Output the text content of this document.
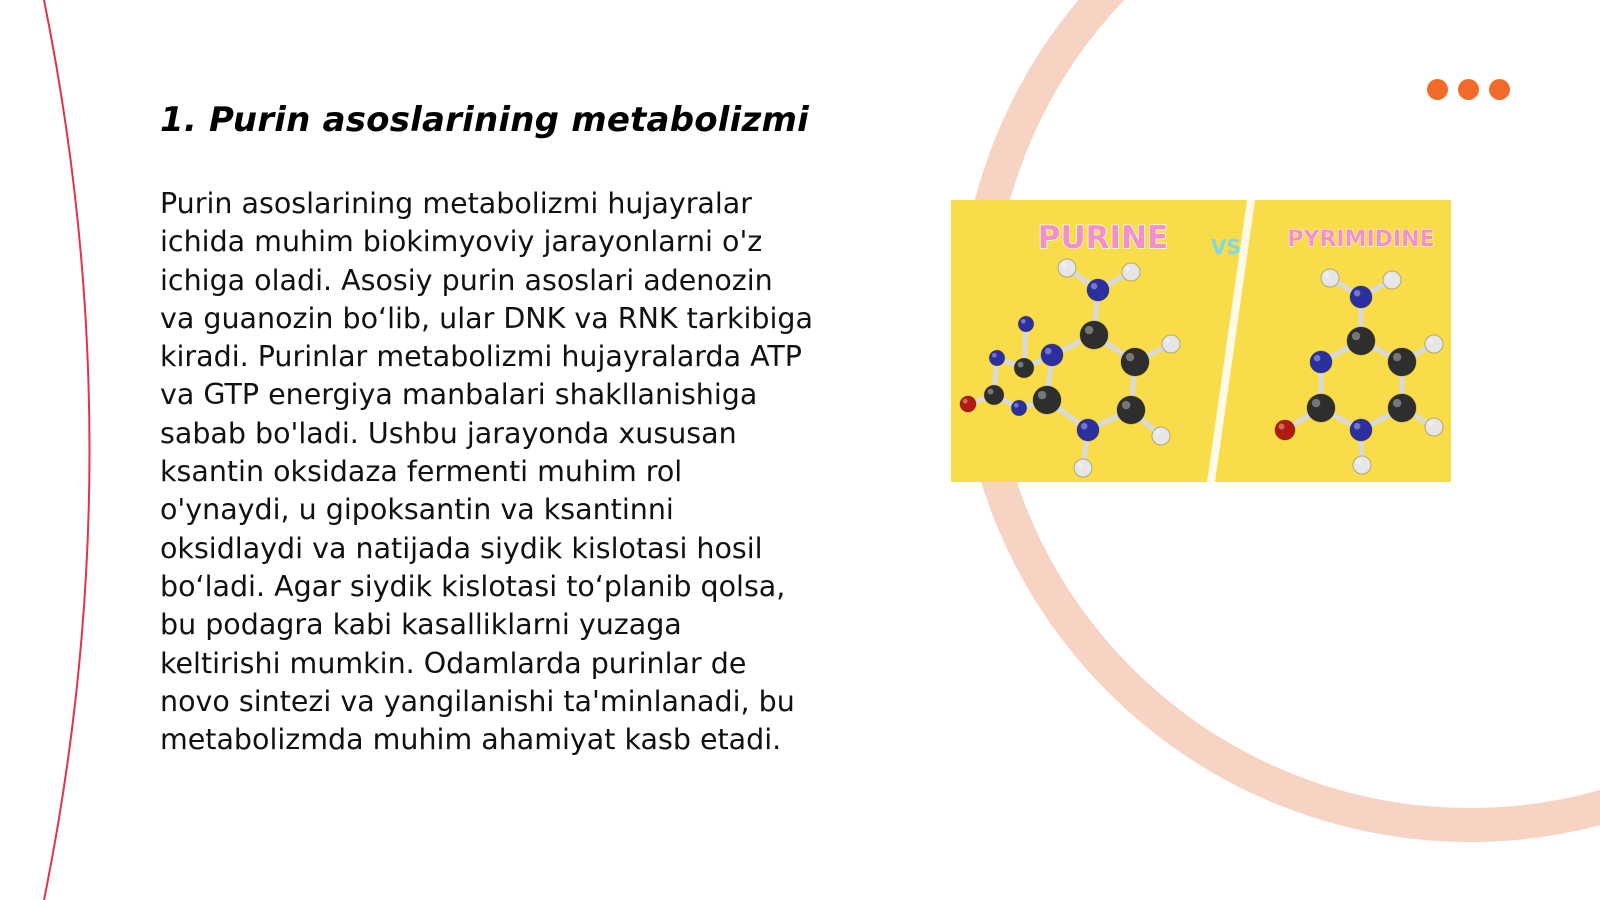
1. Purin asoslarining metabolizmi

Purin asoslarining metabolizmi hujayralar
ichida muhim biokimyoviy jarayonlarni o'z
ichiga oladi. Asosiy purin asoslari adenozin
va guanozin bo‘lib, ular DNK va RNK tarkibiga
kiradi. Purinlar metabolizmi hujayralarda ATP
va GTP energiya manbalari shakllanishiga
sabab bo'ladi. Ushbu jarayonda xususan
ksantin oksidaza fermenti muhim rol
o'ynaydi, u gipoksantin va ksantinni
oksidlaydi va natijada siydik kislotasi hosil
bo‘ladi. Agar siydik kislotasi to‘planib qolsa,
bu podagra kabi kasalliklarni yuzaga
keltirishi mumkin. Odamlarda purinlar de
novo sintezi va yangilanishi ta'minlanadi, bu
metabolizmda muhim ahamiyat kasb etadi.

PURINE VS PYRIMIDINE
